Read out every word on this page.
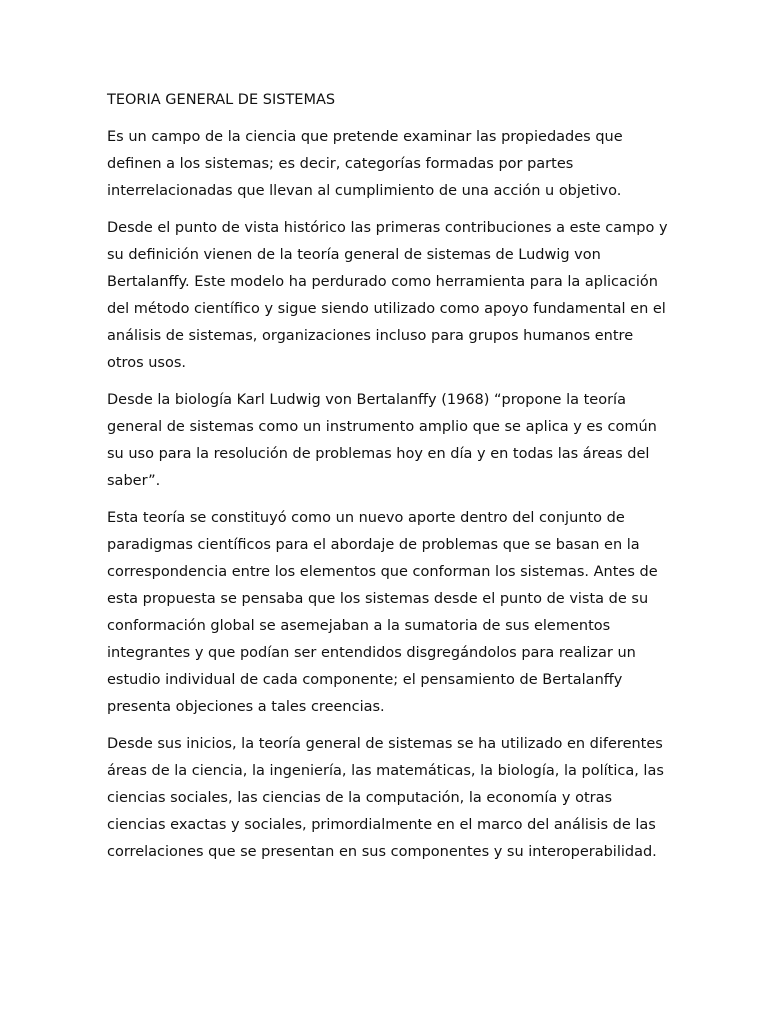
TEORIA GENERAL DE SISTEMAS

Es un campo de la ciencia que pretende examinar las propiedades que definen a los sistemas; es decir, categorías formadas por partes interrelacionadas que llevan al cumplimiento de una acción u objetivo.

Desde el punto de vista histórico las primeras contribuciones a este campo y su definición vienen de la teoría general de sistemas de Ludwig von Bertalanffy. Este modelo ha perdurado como herramienta para la aplicación del método científico y sigue siendo utilizado como apoyo fundamental en el análisis de sistemas, organizaciones incluso para grupos humanos entre otros usos.

Desde la biología Karl Ludwig von Bertalanffy (1968) “propone la teoría general de sistemas como un instrumento amplio que se aplica y es común su uso para la resolución de problemas hoy en día y en todas las áreas del saber”.

Esta teoría se constituyó como un nuevo aporte dentro del conjunto de paradigmas científicos para el abordaje de problemas que se basan en la correspondencia entre los elementos que conforman los sistemas. Antes de esta propuesta se pensaba que los sistemas desde el punto de vista de su conformación global se asemejaban a la sumatoria de sus elementos integrantes y que podían ser entendidos disgregándolos para realizar un estudio individual de cada componente; el pensamiento de Bertalanffy presenta objeciones a tales creencias.

Desde sus inicios, la teoría general de sistemas se ha utilizado en diferentes áreas de la ciencia, la ingeniería, las matemáticas, la biología, la política, las ciencias sociales, las ciencias de la computación, la economía y otras ciencias exactas y sociales, primordialmente en el marco del análisis de las correlaciones que se presentan en sus componentes y su interoperabilidad.
